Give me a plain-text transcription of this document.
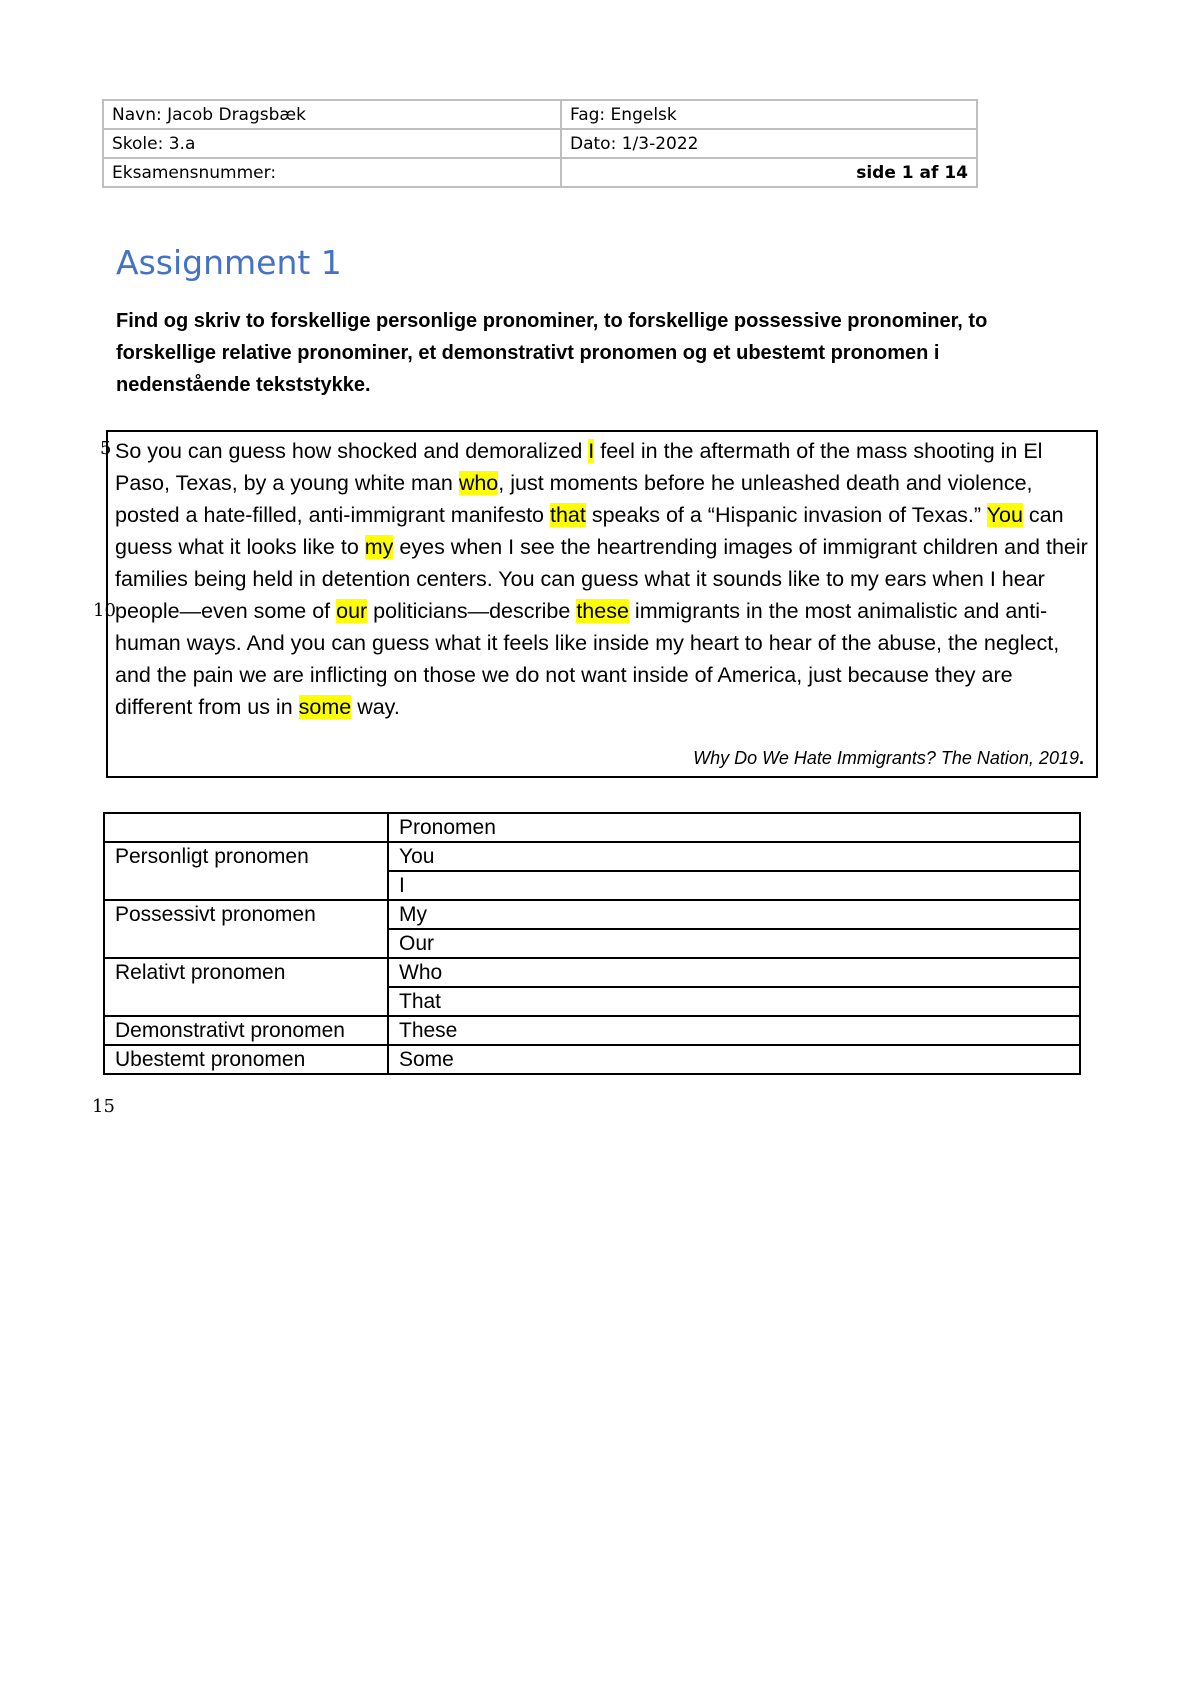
Navn: Jacob Dragsbæk	Fag: Engelsk
Skole: 3.a	Dato: 1/3-2022
Eksamensnummer:	side 1 af 14
Assignment 1

Find og skriv to forskellige personlige pronominer, to forskellige possessive pronominer, to forskellige relative pronominer, et demonstrativt pronomen og et ubestemt pronomen i nedenstående tekststykke.

5
10

So you can guess how shocked and demoralized I feel in the aftermath of the mass shooting in El Paso, Texas, by a young white man who, just moments before he unleashed death and violence, posted a hate-filled, anti-immigrant manifesto that speaks of a “Hispanic invasion of Texas.” You can guess what it looks like to my eyes when I see the heartrending images of immigrant children and their families being held in detention centers. You can guess what it sounds like to my ears when I hear people—even some of our politicians—describe these immigrants in the most animalistic and anti-human ways. And you can guess what it feels like inside my heart to hear of the abuse, the neglect, and the pain we are inflicting on those we do not want inside of America, just because they are different from us in some way.

Why Do We Hate Immigrants? The Nation, 2019.
	Pronomen
Personligt pronomen	You
	I
Possessivt pronomen	My
	Our
Relativt pronomen	Who
	That
Demonstrativt pronomen	These
Ubestemt pronomen	Some
15
